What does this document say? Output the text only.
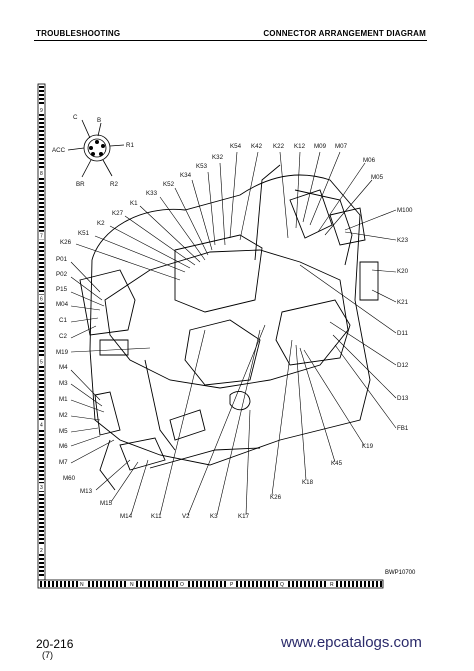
TROUBLESHOOTING	CONNECTOR ARRANGEMENT DIAGRAM
9
8
7
6
5
4
3
2
N	N	O	P	Q	R
C	B
ACC
R1
BR	R2
K54 K42 K22 K12 M09 M07
M06
M05
M100
K23
K20
K21
D11
D12
D13
FB1
K32
K53
K34
K52
K33
K1
K27
K2
K51
K26
P01
P02
P15
M04
C1
C2
M19
M4
M3
M1
M2
M5
M6
M7
M60
M13
M15
M14	K11	V2	K3	K17
K26
K18
K45
K19
BWP10700
20-216
(7)
www.epcatalogs.com
